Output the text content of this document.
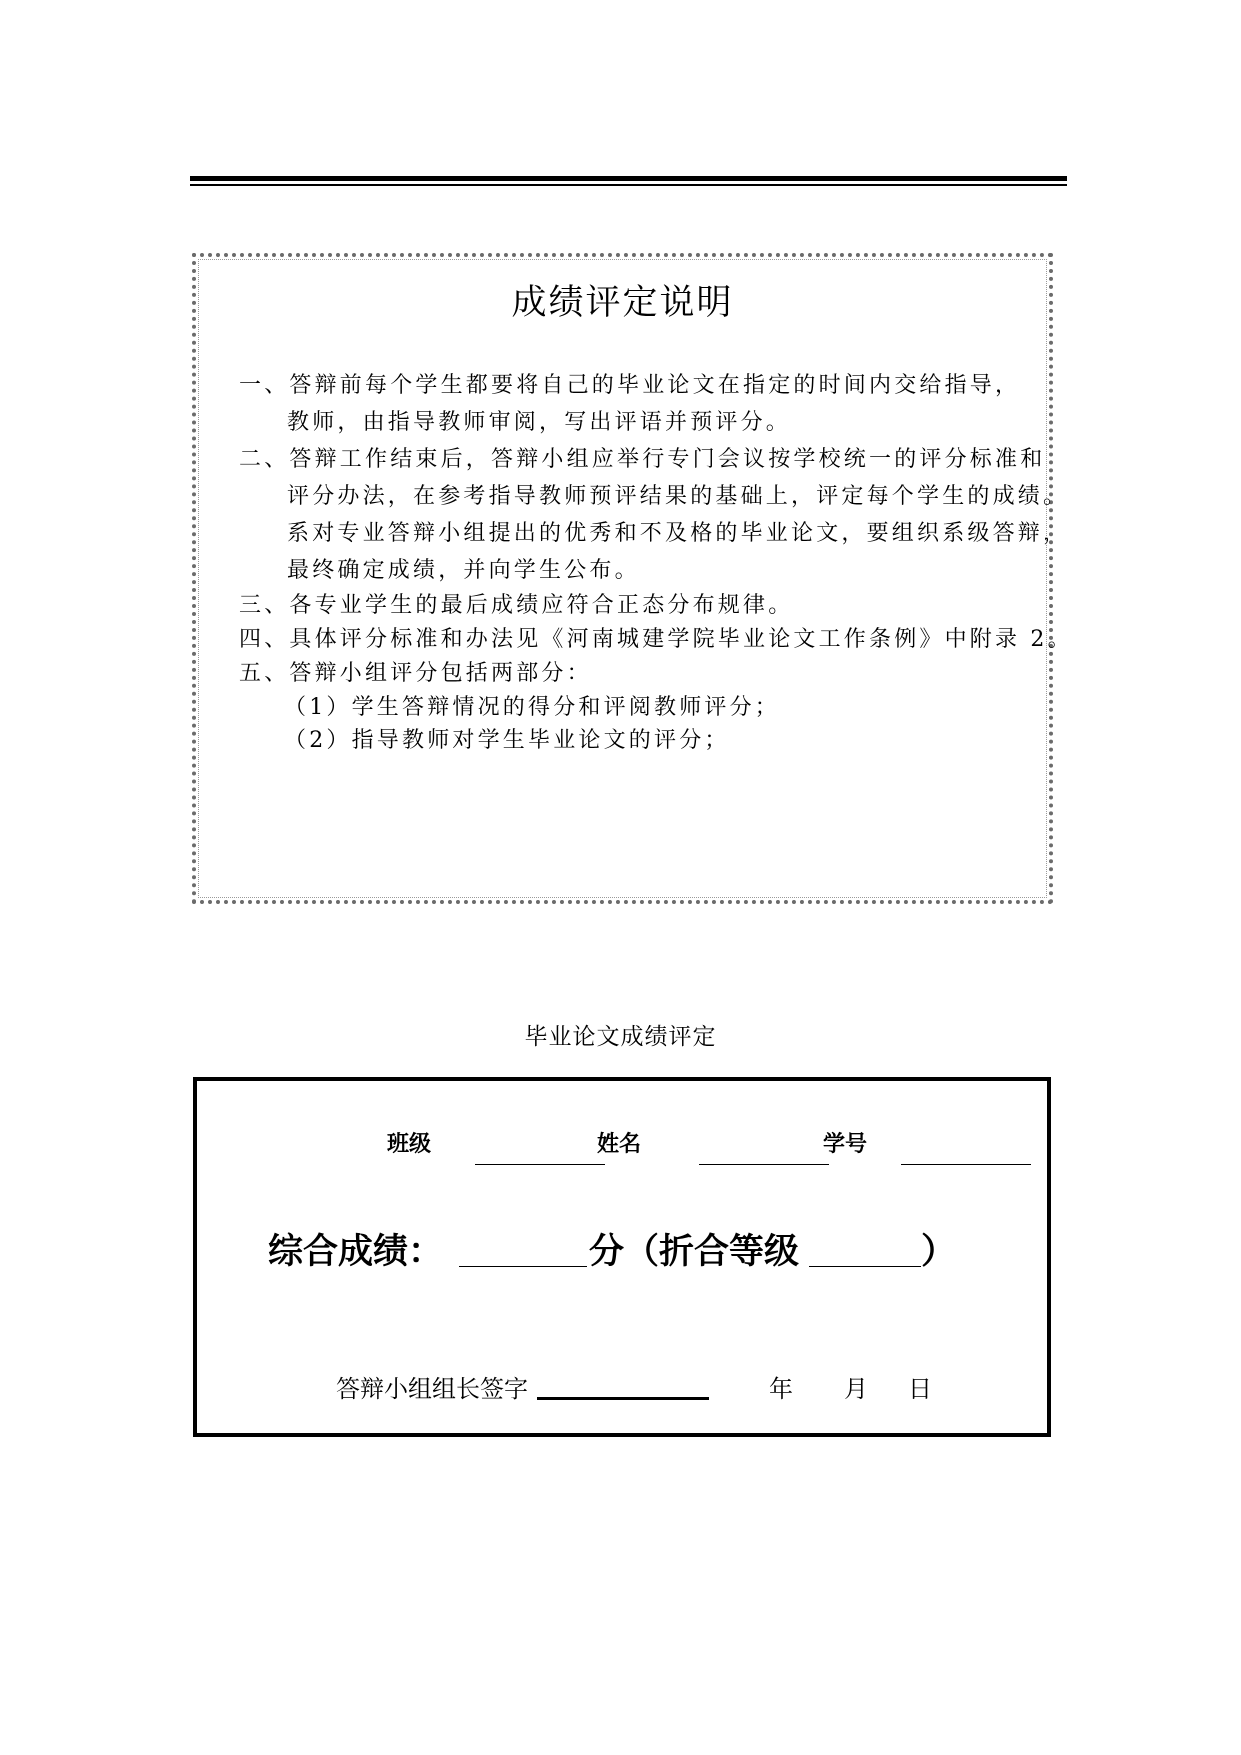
成绩评定说明
一、答辩前每个学生都要将自己的毕业论文在指定的时间内交给指导，
教师，由指导教师审阅，写出评语并预评分。
二、答辩工作结束后，答辩小组应举行专门会议按学校统一的评分标准和
评分办法，在参考指导教师预评结果的基础上，评定每个学生的成绩。
系对专业答辩小组提出的优秀和不及格的毕业论文，要组织系级答辩，
最终确定成绩，并向学生公布。
三、各专业学生的最后成绩应符合正态分布规律。
四、具体评分标准和办法见《河南城建学院毕业论文工作条例》中附录 2。
五、答辩小组评分包括两部分：
（1）学生答辩情况的得分和评阅教师评分；
（2）指导教师对学生毕业论文的评分；
毕业论文成绩评定
班级	姓名	学号
综合成绩：	分（折合等级	）
答辩小组组长签字	年 月 日
